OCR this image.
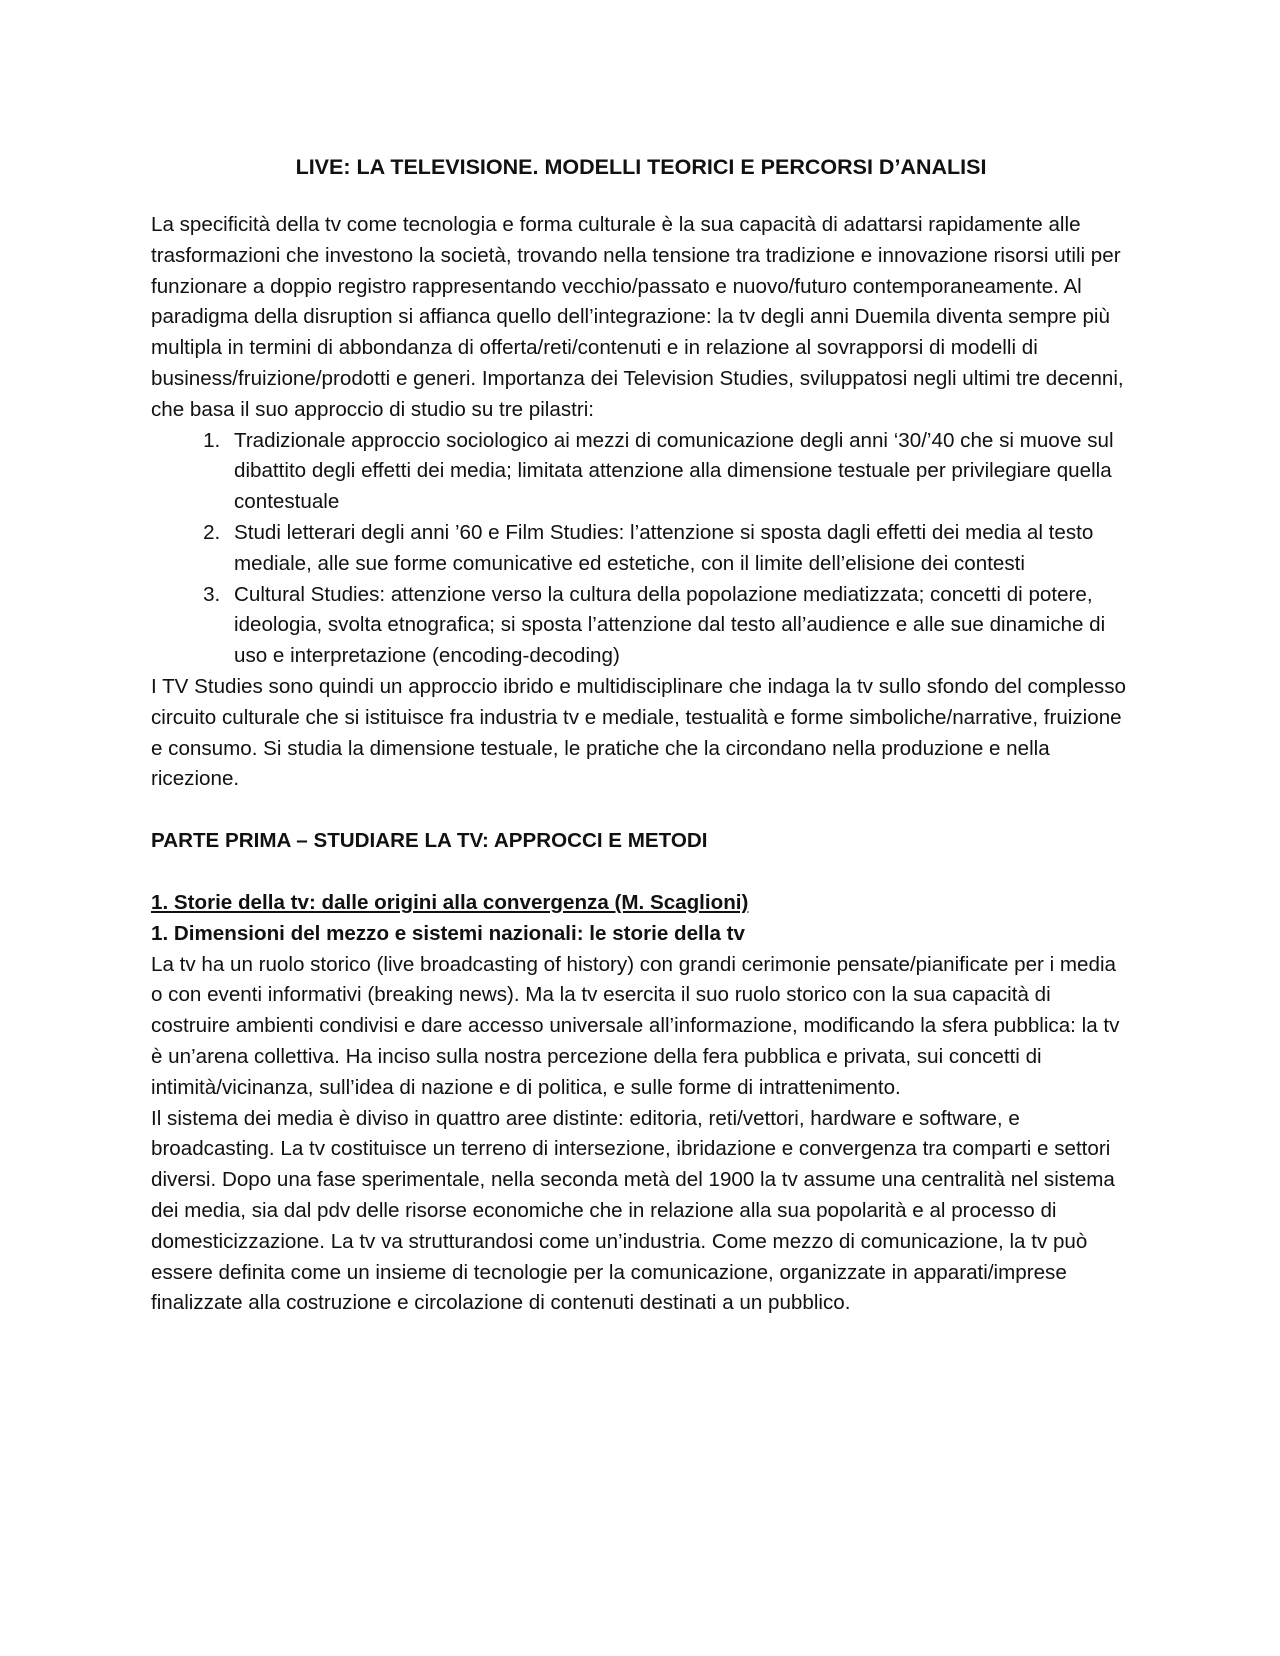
LIVE: LA TELEVISIONE. MODELLI TEORICI E PERCORSI D’ANALISI

La specificità della tv come tecnologia e forma culturale è la sua capacità di adattarsi rapidamente alle trasformazioni che investono la società, trovando nella tensione tra tradizione e innovazione risorsi utili per funzionare a doppio registro rappresentando vecchio/passato e nuovo/futuro contemporaneamente. Al paradigma della disruption si affianca quello dell’integrazione: la tv degli anni Duemila diventa sempre più multipla in termini di abbondanza di offerta/reti/contenuti e in relazione al sovrapporsi di modelli di business/fruizione/prodotti e generi. Importanza dei Television Studies, sviluppatosi negli ultimi tre decenni, che basa il suo approccio di studio su tre pilastri:

1. Tradizionale approccio sociologico ai mezzi di comunicazione degli anni ‘30/’40 che si muove sul dibattito degli effetti dei media; limitata attenzione alla dimensione testuale per privilegiare quella contestuale
2. Studi letterari degli anni ’60 e Film Studies: l’attenzione si sposta dagli effetti dei media al testo mediale, alle sue forme comunicative ed estetiche, con il limite dell’elisione dei contesti
3. Cultural Studies: attenzione verso la cultura della popolazione mediatizzata; concetti di potere, ideologia, svolta etnografica; si sposta l’attenzione dal testo all’audience e alle sue dinamiche di uso e interpretazione (encoding-decoding)

I TV Studies sono quindi un approccio ibrido e multidisciplinare che indaga la tv sullo sfondo del complesso circuito culturale che si istituisce fra industria tv e mediale, testualità e forme simboliche/narrative, fruizione e consumo. Si studia la dimensione testuale, le pratiche che la circondano nella produzione e nella ricezione.

PARTE PRIMA – STUDIARE LA TV: APPROCCI E METODI

1. Storie della tv: dalle origini alla convergenza (M. Scaglioni)

1. Dimensioni del mezzo e sistemi nazionali: le storie della tv

La tv ha un ruolo storico (live broadcasting of history) con grandi cerimonie pensate/pianificate per i media o con eventi informativi (breaking news). Ma la tv esercita il suo ruolo storico con la sua capacità di costruire ambienti condivisi e dare accesso universale all’informazione, modificando la sfera pubblica: la tv è un’arena collettiva. Ha inciso sulla nostra percezione della fera pubblica e privata, sui concetti di intimità/vicinanza, sull’idea di nazione e di politica, e sulle forme di intrattenimento.

Il sistema dei media è diviso in quattro aree distinte: editoria, reti/vettori, hardware e software, e broadcasting. La tv costituisce un terreno di intersezione, ibridazione e convergenza tra comparti e settori diversi. Dopo una fase sperimentale, nella seconda metà del 1900 la tv assume una centralità nel sistema dei media, sia dal pdv delle risorse economiche che in relazione alla sua popolarità e al processo di domesticizzazione. La tv va strutturandosi come un’industria. Come mezzo di comunicazione, la tv può essere definita come un insieme di tecnologie per la comunicazione, organizzate in apparati/imprese finalizzate alla costruzione e circolazione di contenuti destinati a un pubblico.
